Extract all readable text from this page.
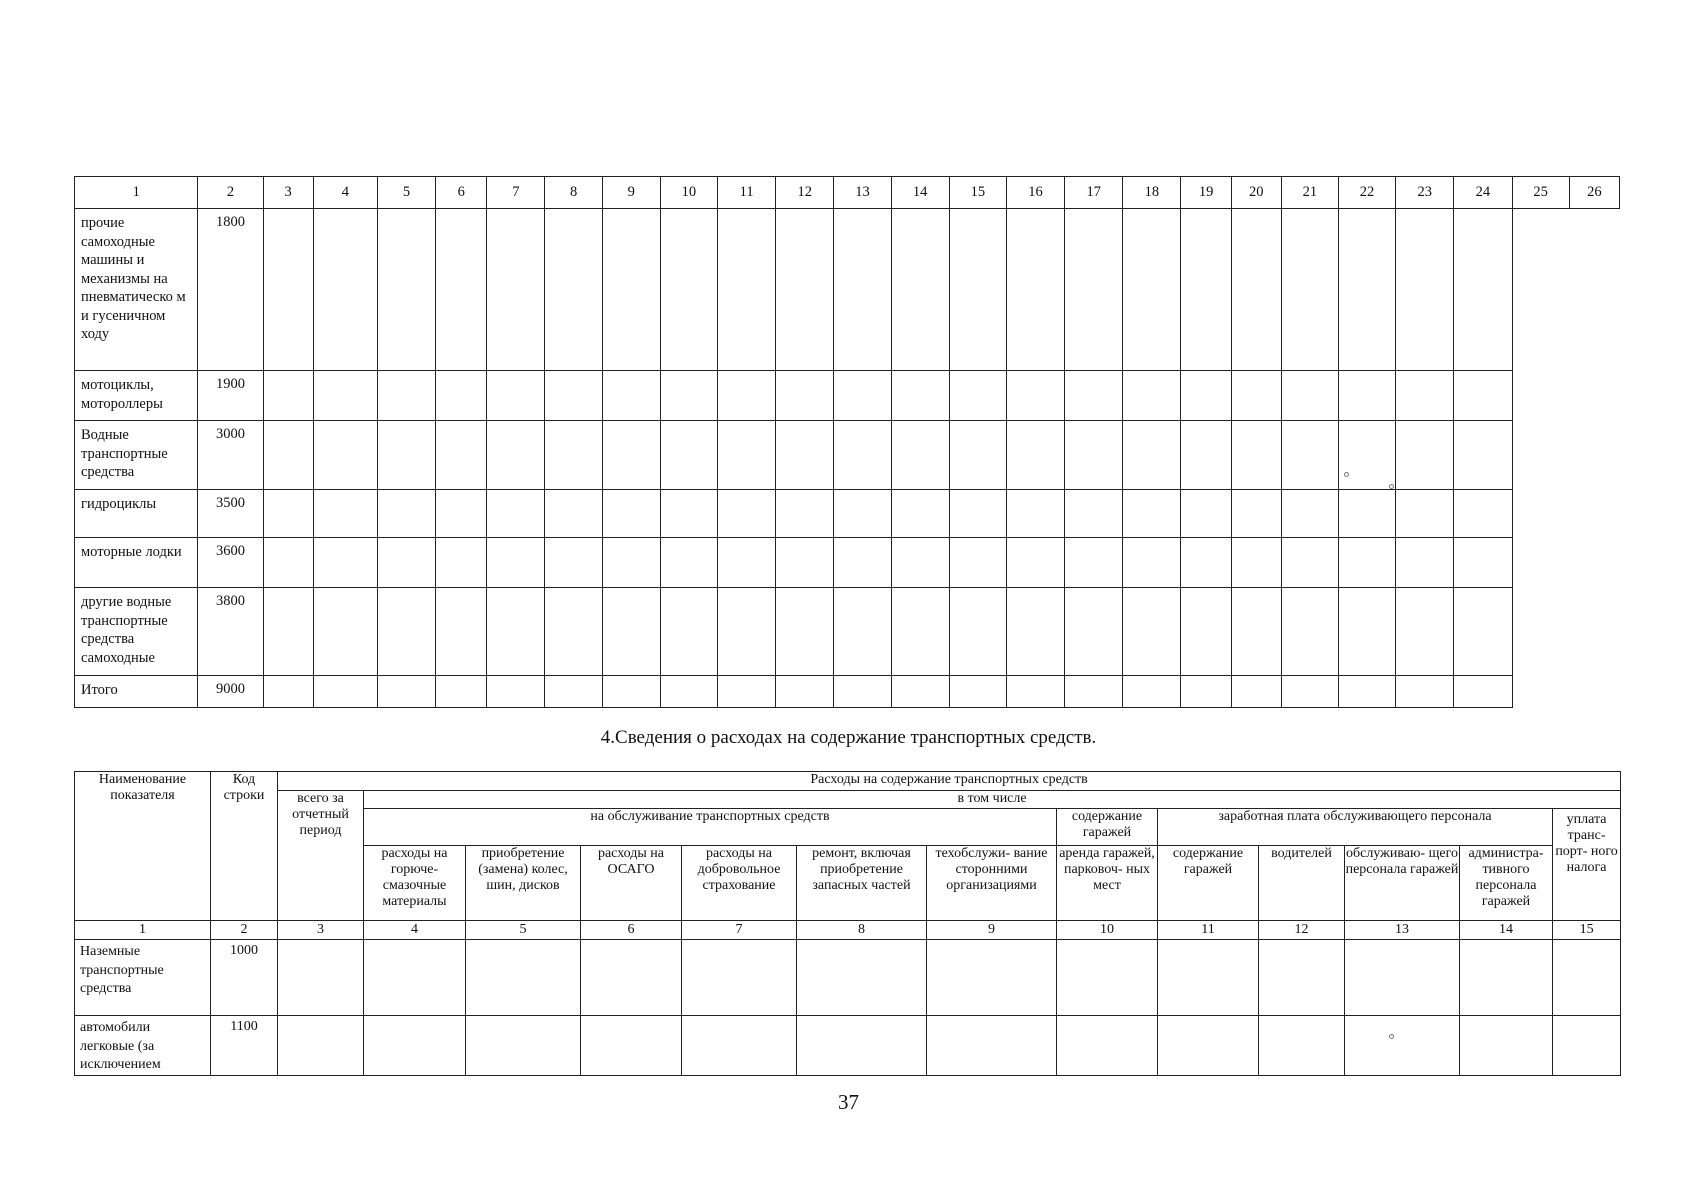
1	2	3	4	5	6	7	8	9	10	11	12	13	14	15	16	17	18	19	20	21	22	23	24	25	26
прочие самоходные машины и механизмы на пневматическо м и гусеничном ходу	1800																								
мотоциклы, мотороллеры	1900																								
Водные транспортные средства	3000																								
гидроциклы	3500																								
моторные лодки	3600																								
другие водные транспортные средства самоходные	3800																								
Итого	9000																								
4.Сведения о расходах на содержание транспортных средств.
Наименование показателя	Код строки	Расходы на содержание транспортных средств												
		всего за отчетный период	в том числе											
			на обслуживание транспортных средств						содержание гаражей	заработная плата обслуживающего персонала				уплата транс- порт- ного налога
			расходы на горюче- смазочные материалы	приобретение (замена) колес, шин, дисков	расходы на ОСАГО	расходы на добровольное страхование	ремонт, включая приобретение запасных частей	техобслужи- вание сторонними организациями	аренда гаражей, парковоч- ных мест	содержание гаражей	водителей	обслуживаю- щего персонала гаражей	администра- тивного персонала гаражей	
1	2	3	4	5	6	7	8	9	10	11	12	13	14	15
Наземные транспортные средства	1000													
автомобили легковые (за исключением	1100													
37
